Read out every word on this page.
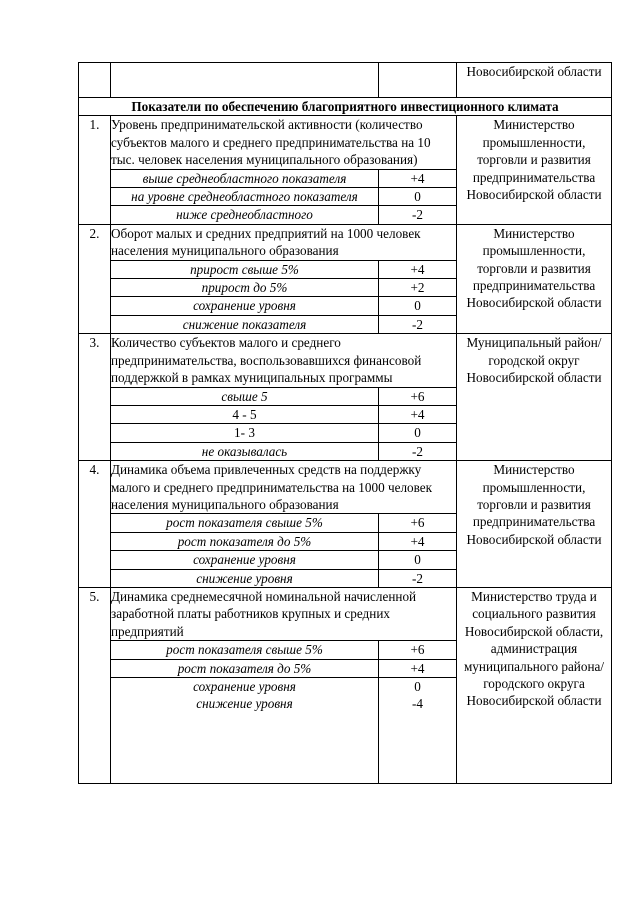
			Новосибирской области
Показатели по обеспечению благоприятного инвестиционного климата			
1.	Уровень предпринимательской активности (количество субъектов малого и среднего предпринимательства на 10 тыс. человек населения муниципального образования)		Министерство промышленности, торговли и развития предпринимательства Новосибирской области
	выше среднеобластного показателя	+4	
	на уровне среднеобластного показателя	0	
	ниже среднеобластного	-2	
2.	Оборот малых и средних предприятий на 1000 человек населения муниципального образования		Министерство промышленности, торговли и развития предпринимательства Новосибирской области
	прирост свыше 5%	+4	
	прирост до 5%	+2	
	сохранение уровня	0	
	снижение показателя	-2	
3.	Количество субъектов малого и среднего предпринимательства, воспользовавшихся финансовой поддержкой в рамках муниципальных программы		Муниципальный район/городской округ Новосибирской области
	свыше 5	+6	
	4 - 5	+4	
	1- 3	0	
	не оказывалась	-2	
4.	Динамика объема привлеченных средств на поддержку малого и среднего предпринимательства на 1000 человек населения муниципального образования		Министерство промышленности, торговли и развития предпринимательства Новосибирской области
	рост показателя свыше 5%	+6	
	рост показателя до 5%	+4	
	сохранение уровня	0	
	снижение уровня	-2	
5.	Динамика среднемесячной номинальной начисленной заработной платы работников крупных и средних предприятий		Министерство труда и социального развития Новосибирской области, администрация муниципального района/городского округа Новосибирской области
	рост показателя свыше 5%	+6	
	рост показателя до 5%	+4	
	сохранение уровня	0	
	снижение уровня	-4	
